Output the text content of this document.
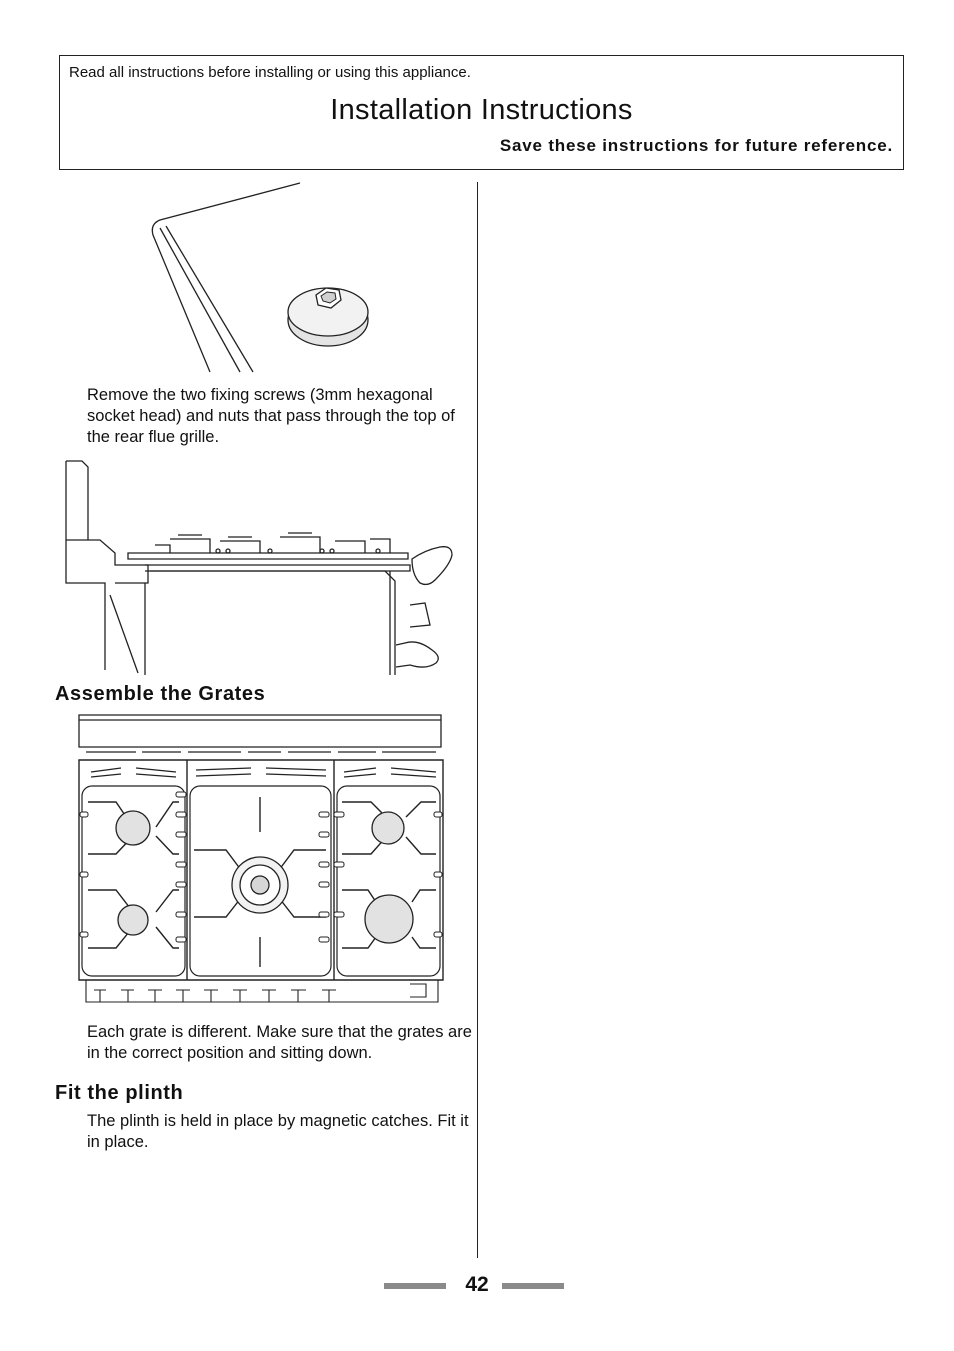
Read all instructions before installing or using this appliance.
Installation Instructions
Save these instructions for future reference.
Remove the two fixing screws (3mm hexagonal socket head) and nuts that pass through the top of the rear flue grille.
Assemble the Grates
Each grate is different. Make sure that the grates are in the correct position and sitting down.
Fit the plinth
The plinth is held in place by magnetic catches. Fit it in place.
42
